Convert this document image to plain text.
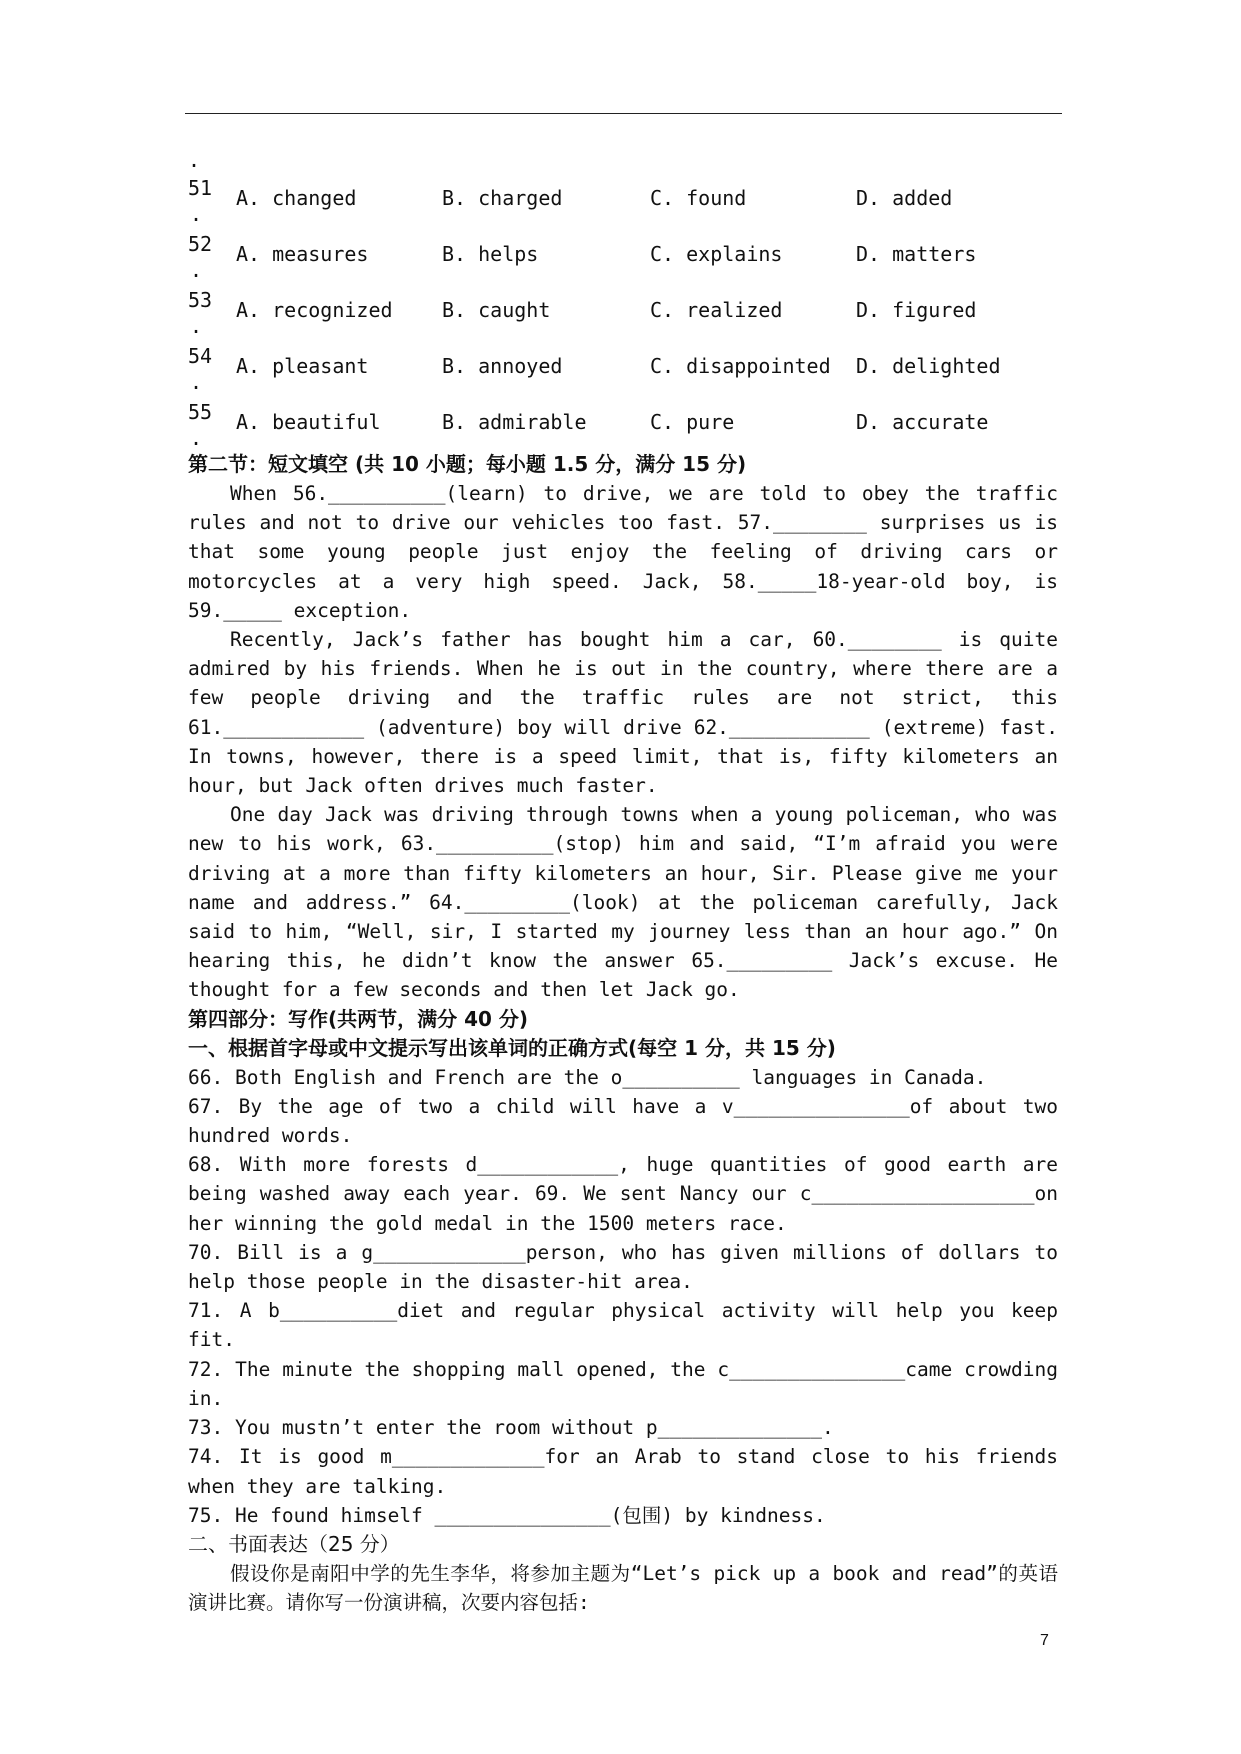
.
51
.
A. changed	B. charged	C. found	D. added
52
.
A. measures	B. helps	C. explains	D. matters
53
.
A. recognized B. caught	C. realized	D. figured
54
.
A. pleasant	B. annoyed	C. disappointed D. delighted
55
.
A. beautiful	B. admirable	C. pure	D. accurate
第二节：短文填空 (共 10 小题；每小题 1.5 分，满分 15 分)

When 56.__________(learn) to drive, we are told to obey the traffic rules and not to drive our vehicles too fast. 57.________ surprises us is that some young people just enjoy the feeling of driving cars or motorcycles at a very high speed. Jack, 58._____18-year-old boy, is 59._____ exception.

Recently, Jack’s father has bought him a car, 60.________ is quite admired by his friends. When he is out in the country, where there are a few people driving and the traffic rules are not strict, this 61.____________ (adventure) boy will drive 62.____________ (extreme) fast. In towns, however, there is a speed limit, that is, fifty kilometers an hour, but Jack often drives much faster.

One day Jack was driving through towns when a young policeman, who was new to his work, 63.__________(stop) him and said, “I’m afraid you were driving at a more than fifty kilometers an hour, Sir. Please give me your name and address.” 64._________(look) at the policeman carefully, Jack said to him, “Well, sir, I started my journey less than an hour ago.” On hearing this, he didn’t know the answer 65._________ Jack’s excuse. He thought for a few seconds and then let Jack go.

第四部分：写作(共两节，满分 40 分)
一、根据首字母或中文提示写出该单词的正确方式(每空 1 分，共 15 分)

66. Both English and French are the o__________ languages in Canada.

67. By the age of two a child will have a v_______________of about two hundred words.

68. With more forests d____________, huge quantities of good earth are being washed away each year. 69. We sent Nancy our c___________________on her winning the gold medal in the 1500 meters race.

70. Bill is a g_____________person, who has given millions of dollars to help those people in the disaster-hit area.

71. A b__________diet and regular physical activity will help you keep fit.

72. The minute the shopping mall opened, the c_______________came crowding in.

73. You mustn’t enter the room without p______________.

74. It is good m_____________for an Arab to stand close to his friends when they are talking.

75. He found himself _______________(包围) by kindness.

二、书面表达（25 分）

假设你是南阳中学的先生李华，将参加主题为“Let’s pick up a book and read”的英语演讲比赛。请你写一份演讲稿，次要内容包括:

7
